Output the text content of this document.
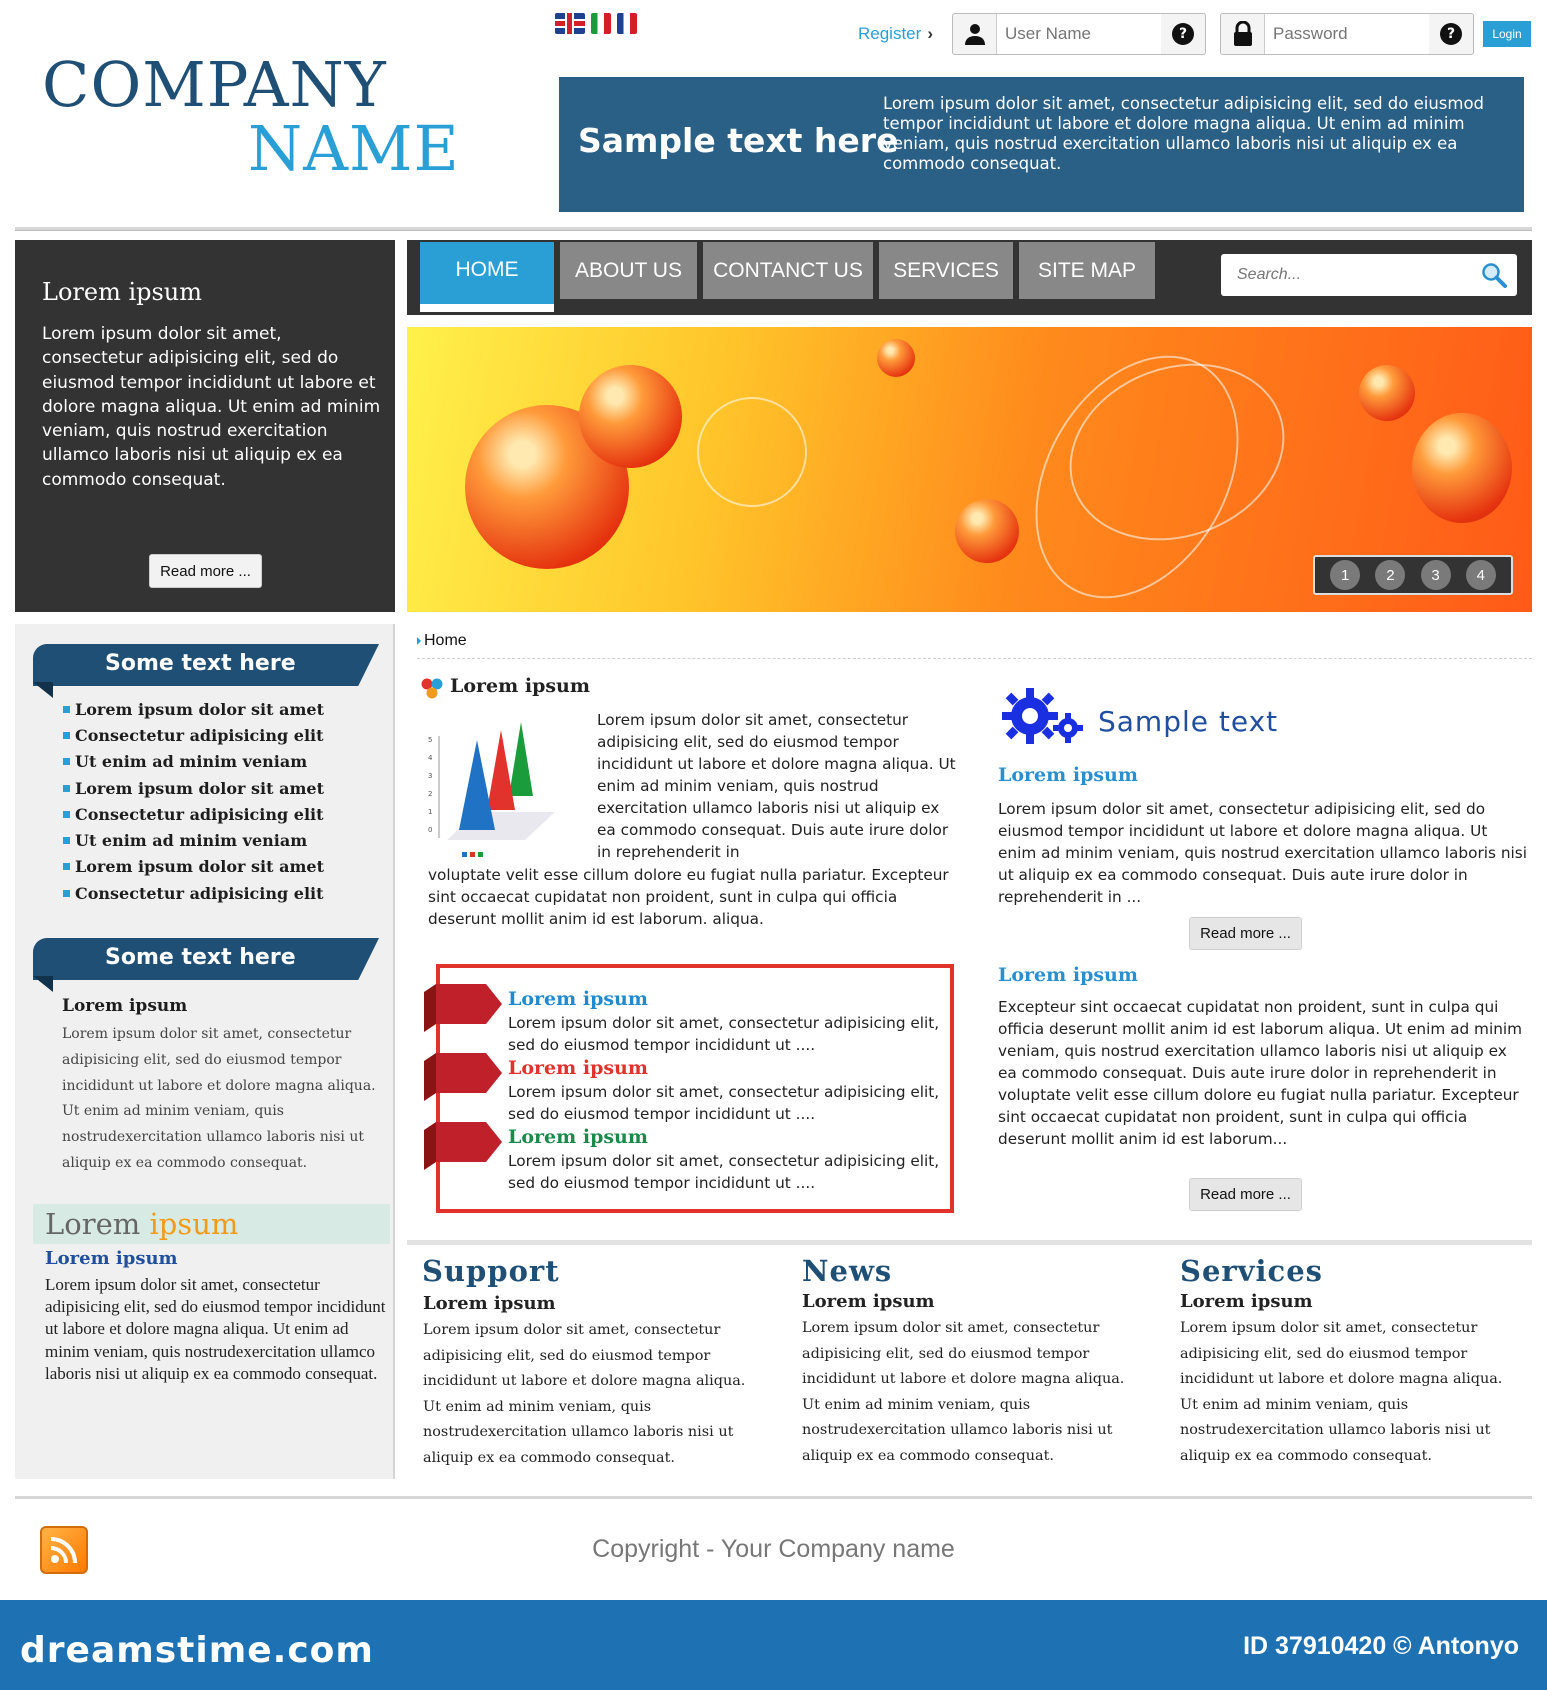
COMPANY
NAME
Register ›
User Name	?	?	Login
Sample text here
Lorem ipsum dolor sit amet, consectetur adipisicing elit, sed do eiusmod tempor incididunt ut labore et dolore magna aliqua. Ut enim ad minim veniam, quis nostrud exercitation ullamco laboris nisi ut aliquip ex ea commodo consequat.
Lorem ipsum
Lorem ipsum dolor sit amet, consectetur adipisicing elit, sed do eiusmod tempor incididunt ut labore et dolore magna aliqua. Ut enim ad minim veniam, quis nostrud exercitation ullamco laboris nisi ut aliquip ex ea commodo consequat.
Read more ...
HOME	ABOUT US	CONTANCT US	SERVICES	SITE MAP
Search...
1	2	3	4
Some text here
Lorem ipsum dolor sit amet
Consectetur adipisicing elit
Ut enim ad minim veniam
Lorem ipsum dolor sit amet
Consectetur adipisicing elit
Ut enim ad minim veniam
Lorem ipsum dolor sit amet
Consectetur adipisicing elit
Some text here
Lorem ipsum
Lorem ipsum dolor sit amet, consectetur adipisicing elit, sed do eiusmod tempor incididunt ut labore et dolore magna aliqua. Ut enim ad minim veniam, quis nostrudexercitation ullamco laboris nisi ut aliquip ex ea commodo consequat.
Lorem ipsum
Lorem ipsum
Lorem ipsum dolor sit amet, consectetur adipisicing elit, sed do eiusmod tempor incididunt ut labore et dolore magna aliqua. Ut enim ad minim veniam, quis nostrudexercitation ullamco laboris nisi ut aliquip ex ea commodo consequat.
Home
Lorem ipsum
5
4
3
2
1
0
Lorem ipsum dolor sit amet, consectetur adipisicing elit, sed do eiusmod tempor incididunt ut labore et dolore magna aliqua. Ut enim ad minim veniam, quis nostrud exercitation ullamco laboris nisi ut aliquip ex ea commodo consequat. Duis aute irure dolor in reprehenderit in
voluptate velit esse cillum dolore eu fugiat nulla pariatur. Excepteur sint occaecat cupidatat non proident, sunt in culpa qui officia deserunt mollit anim id est laborum. aliqua.
Lorem ipsum
Lorem ipsum dolor sit amet, consectetur adipisicing elit, sed do eiusmod tempor incididunt ut ....
Lorem ipsum
Lorem ipsum dolor sit amet, consectetur adipisicing elit, sed do eiusmod tempor incididunt ut ....
Lorem ipsum
Lorem ipsum dolor sit amet, consectetur adipisicing elit, sed do eiusmod tempor incididunt ut ....
Sample text
Lorem ipsum
Lorem ipsum dolor sit amet, consectetur adipisicing elit, sed do eiusmod tempor incididunt ut labore et dolore magna aliqua. Ut enim ad minim veniam, quis nostrud exercitation ullamco laboris nisi ut aliquip ex ea commodo consequat. Duis aute irure dolor in reprehenderit in ...
Read more ...
Lorem ipsum
Excepteur sint occaecat cupidatat non proident, sunt in culpa qui officia deserunt mollit anim id est laborum aliqua. Ut enim ad minim veniam, quis nostrud exercitation ullamco laboris nisi ut aliquip ex ea commodo consequat. Duis aute irure dolor in reprehenderit in voluptate velit esse cillum dolore eu fugiat nulla pariatur. Excepteur sint occaecat cupidatat non proident, sunt in culpa qui officia deserunt mollit anim id est laborum...
Read more ...
Support
Lorem ipsum
Lorem ipsum dolor sit amet, consectetur adipisicing elit, sed do eiusmod tempor incididunt ut labore et dolore magna aliqua. Ut enim ad minim veniam, quis nostrudexercitation ullamco laboris nisi ut aliquip ex ea commodo consequat.
News
Lorem ipsum
Lorem ipsum dolor sit amet, consectetur adipisicing elit, sed do eiusmod tempor incididunt ut labore et dolore magna aliqua. Ut enim ad minim veniam, quis nostrudexercitation ullamco laboris nisi ut aliquip ex ea commodo consequat.
Services
Lorem ipsum
Lorem ipsum dolor sit amet, consectetur adipisicing elit, sed do eiusmod tempor incididunt ut labore et dolore magna aliqua. Ut enim ad minim veniam, quis nostrudexercitation ullamco laboris nisi ut aliquip ex ea commodo consequat.
Copyright - Your Company name
dreamstime.com	ID 37910420 © Antonyo
